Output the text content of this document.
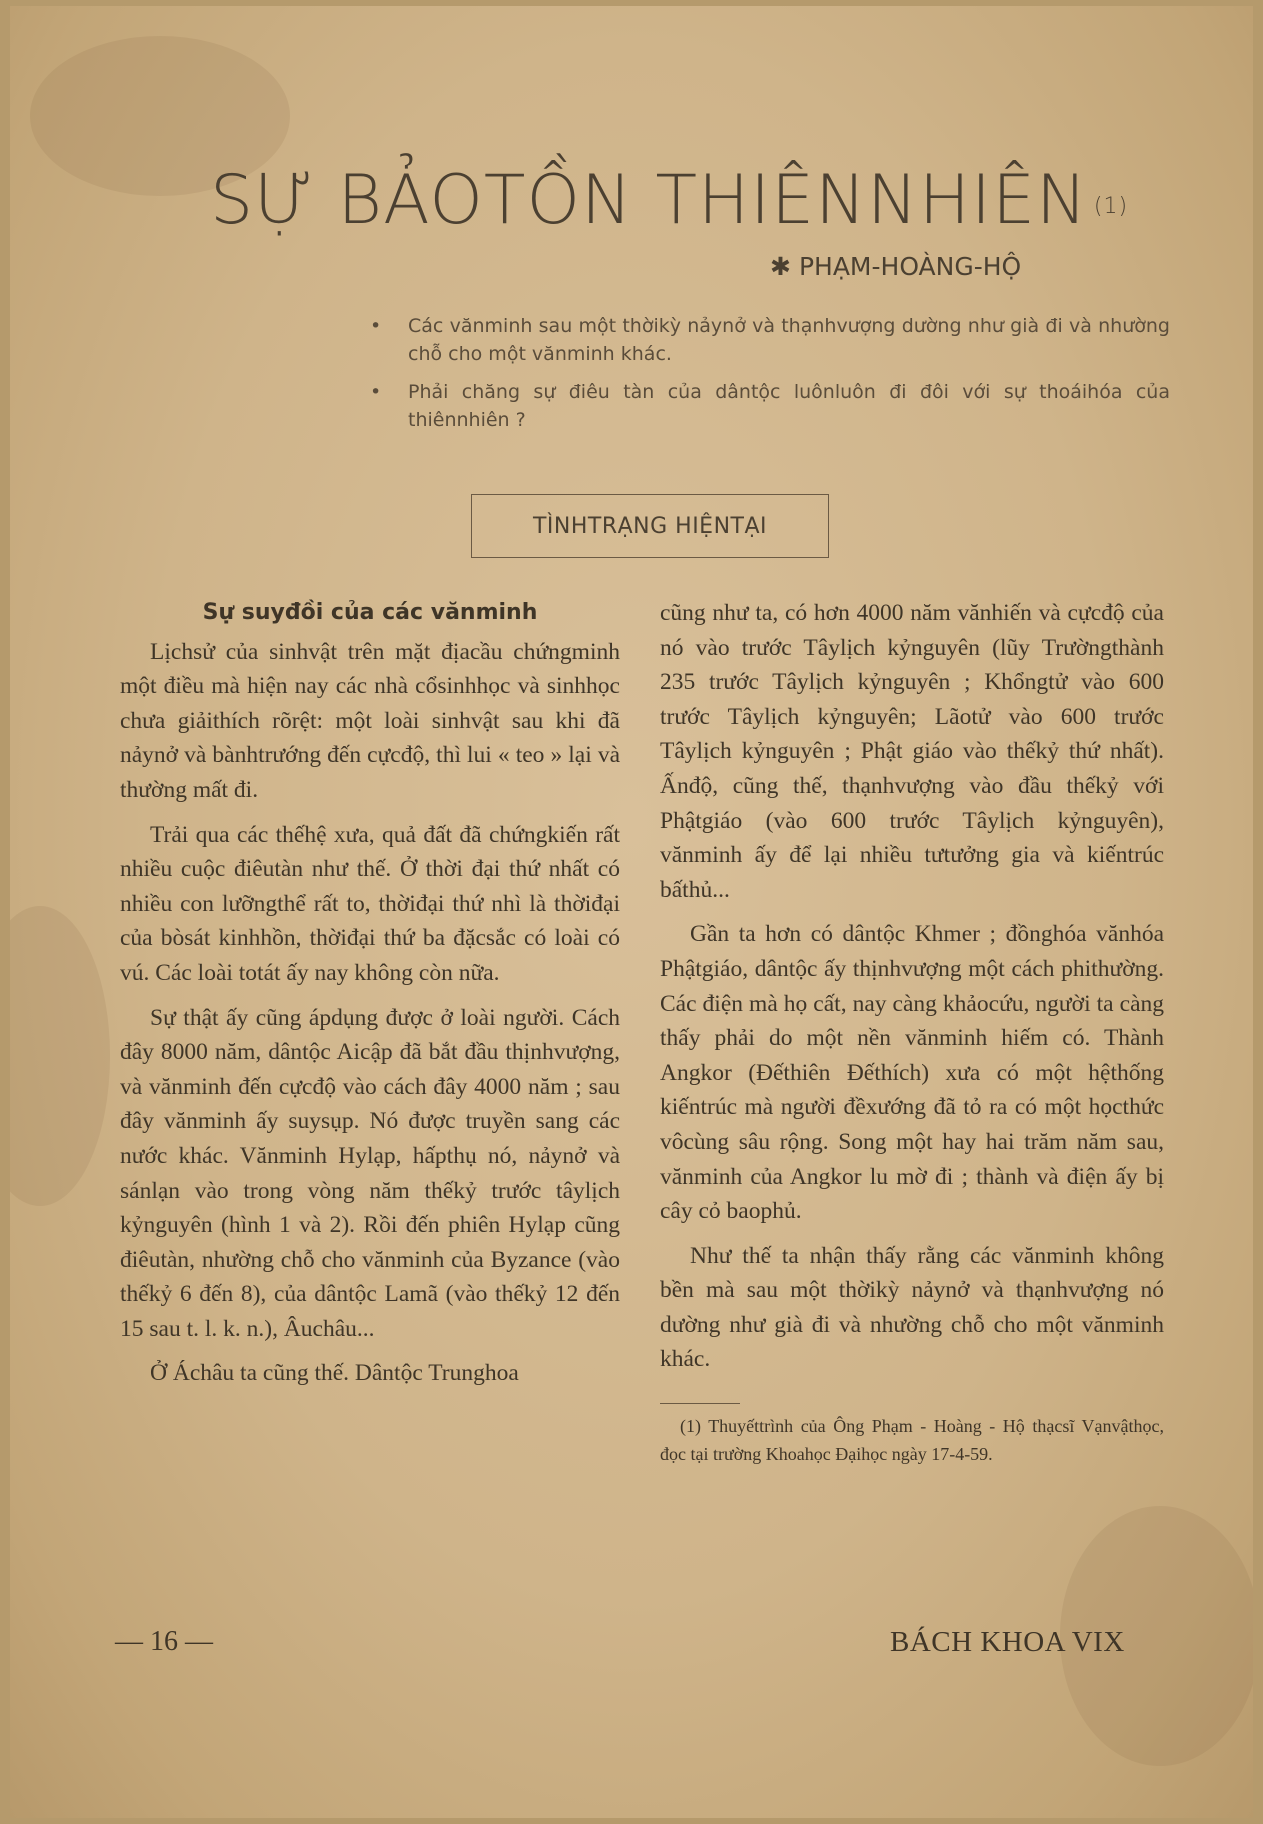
SỰ BẢOTỒN THIÊNNHIÊN $^{(1)}$
✱ PHẠM-HOÀNG-HỘ
• Các vănminh sau một thờikỳ nảynở và thạnhvượng dường như già đi và nhường chỗ cho một vănminh khác.
• Phải chăng sự điêu tàn của dântộc luônluôn đi đôi với sự thoáihóa của thiênnhiên ?
TÌNHTRẠNG HIỆNTẠI
Sự suyđồi của các vănminh

Lịchsử của sinhvật trên mặt địacầu chứngminh một điều mà hiện nay các nhà cổsinhhọc và sinhhọc chưa giảithích rõrệt: một loài sinhvật sau khi đã nảynở và bànhtrướng đến cựcđộ, thì lui « teo » lại và thường mất đi.

Trải qua các thếhệ xưa, quả đất đã chứngkiến rất nhiều cuộc điêutàn như thế. Ở thời đại thứ nhất có nhiều con lưỡngthể rất to, thờiđại thứ nhì là thờiđại của bòsát kinhhồn, thờiđại thứ ba đặcsắc có loài có vú. Các loài totát ấy nay không còn nữa.

Sự thật ấy cũng ápdụng được ở loài người. Cách đây 8000 năm, dântộc Aicập đã bắt đầu thịnhvượng, và vănminh đến cựcđộ vào cách đây 4000 năm ; sau đây vănminh ấy suysụp. Nó được truyền sang các nước khác. Vănminh Hylạp, hấpthụ nó, nảynở và sánlạn vào trong vòng năm thếkỷ trước tâylịch kỷnguyên (hình 1 và 2). Rồi đến phiên Hylạp cũng điêutàn, nhường chỗ cho vănminh của Byzance (vào thếkỷ 6 đến 8), của dântộc Lamã (vào thếkỷ 12 đến 15 sau t. l. k. n.), Âuchâu...

Ở Áchâu ta cũng thế. Dântộc Trunghoa

cũng như ta, có hơn 4000 năm vănhiến và cựcđộ của nó vào trước Tâylịch kỷnguyên (lũy Trườngthành 235 trước Tâylịch kỷnguyên ; Khổngtử vào 600 trước Tâylịch kỷnguyên; Lãotử vào 600 trước Tâylịch kỷnguyên ; Phật giáo vào thếkỷ thứ nhất). Ấnđộ, cũng thế, thạnhvượng vào đầu thếkỷ với Phậtgiáo (vào 600 trước Tâylịch kỷnguyên), vănminh ấy để lại nhiều tưtưởng gia và kiếntrúc bấthủ...

Gần ta hơn có dântộc Khmer ; đồnghóa vănhóa Phậtgiáo, dântộc ấy thịnhvượng một cách phithường. Các điện mà họ cất, nay càng khảocứu, người ta càng thấy phải do một nền vănminh hiếm có. Thành Angkor (Đếthiên Đếthích) xưa có một hệthống kiếntrúc mà người đềxướng đã tỏ ra có một họcthức vôcùng sâu rộng. Song một hay hai trăm năm sau, vănminh của Angkor lu mờ đi ; thành và điện ấy bị cây cỏ baophủ.

Như thế ta nhận thấy rằng các vănminh không bền mà sau một thờikỳ nảynở và thạnhvượng nó dường như già đi và nhường chỗ cho một vănminh khác.

(1) Thuyếttrình của Ông Phạm - Hoàng - Hộ thạcsĩ Vạnvậthọc, đọc tại trường Khoahọc Đạihọc ngày 17-4-59.
— 16 —	BÁCH KHOA VIX
